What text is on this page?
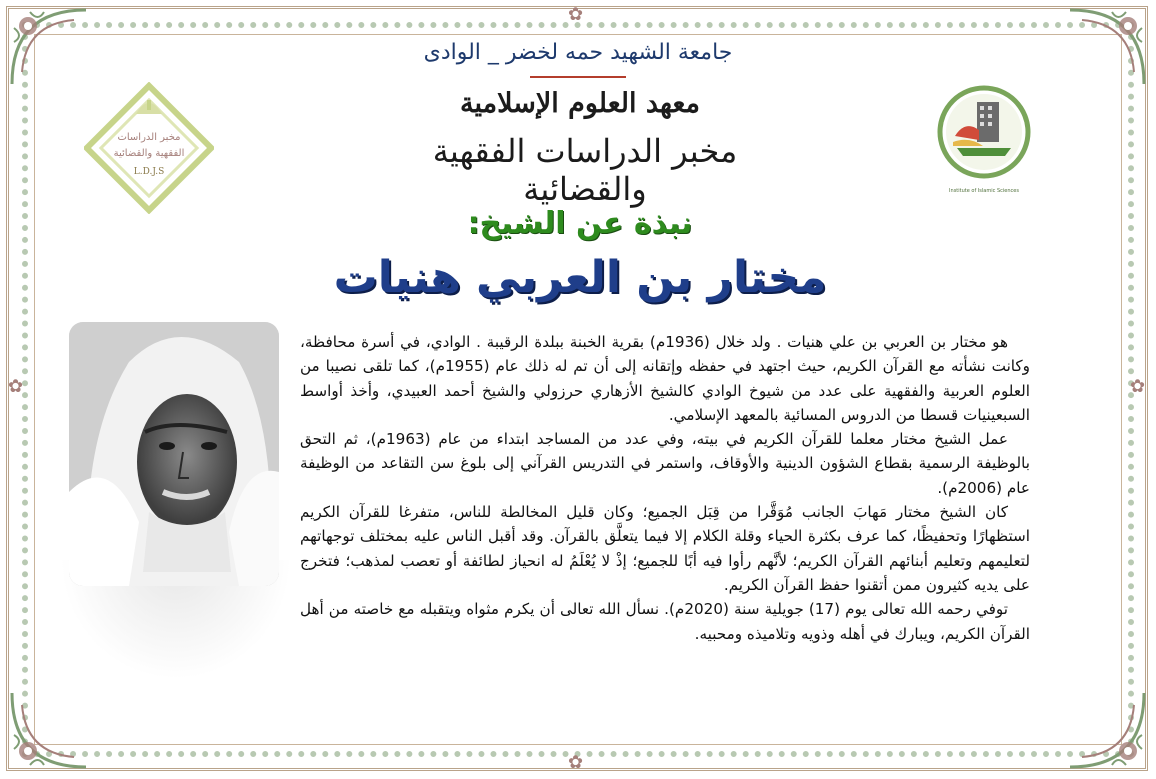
✿
✿
✿	✿
جامعة الشهيد حمه لخضر _ الوادى
معهد العلوم الإسلامية
مخبر الدراسات الفقهية والقضائية
مخبر الدراسات
الفقهية والقضائية
L.D.J.S
Institute of Islamic Sciences
نبذة عن الشيخ:
مختار بن العربي هنيات

هو مختار بن العربي بن علي هنيات . ولد خلال (1936م) بقرية الخبنة ببلدة الرقيبة . الوادي، في أسرة محافظة، وكانت نشأته مع القرآن الكريم، حيث اجتهد في حفظه وإتقانه إلى أن تم له ذلك عام (1955م)، كما تلقى نصيبا من العلوم العربية والفقهية على عدد من شيوخ الوادي كالشيخ الأزهاري حرزولي والشيخ أحمد العبيدي، وأخذ أواسط السبعينيات قسطا من الدروس المسائية بالمعهد الإسلامي.

عمل الشيخ مختار معلما للقرآن الكريم في بيته، وفي عدد من المساجد ابتداء من عام (1963م)، ثم التحق بالوظيفة الرسمية بقطاع الشؤون الدينية والأوقاف، واستمر في التدريس القرآني إلى بلوغ سن التقاعد من الوظيفة عام (2006م).

كان الشيخ مختار مَهابَ الجانب مُوَقَّرا من قِبَل الجميع؛ وكان قليل المخالطة للناس، متفرغا للقرآن الكريم استظهارًا وتحفيظًا، كما عرف بكثرة الحياء وقلة الكلام إلا فيما يتعلَّق بالقرآن. وقد أقبل الناس عليه بمختلف توجهاتهم لتعليمهم وتعليم أبنائهم القرآن الكريم؛ لأنَّهم رأوا فيه أبًا للجميع؛ إذْ لا يُعْلَمُ له انحياز لطائفة أو تعصب لمذهب؛ فتخرج على يديه كثيرون ممن أتقنوا حفظ القرآن الكريم.

توفي رحمه الله تعالى يوم (17) جويلية سنة (2020م). نسأل الله تعالى أن يكرم مثواه ويتقبله مع خاصته من أهل القرآن الكريم، ويبارك في أهله وذويه وتلاميذه ومحبيه.
